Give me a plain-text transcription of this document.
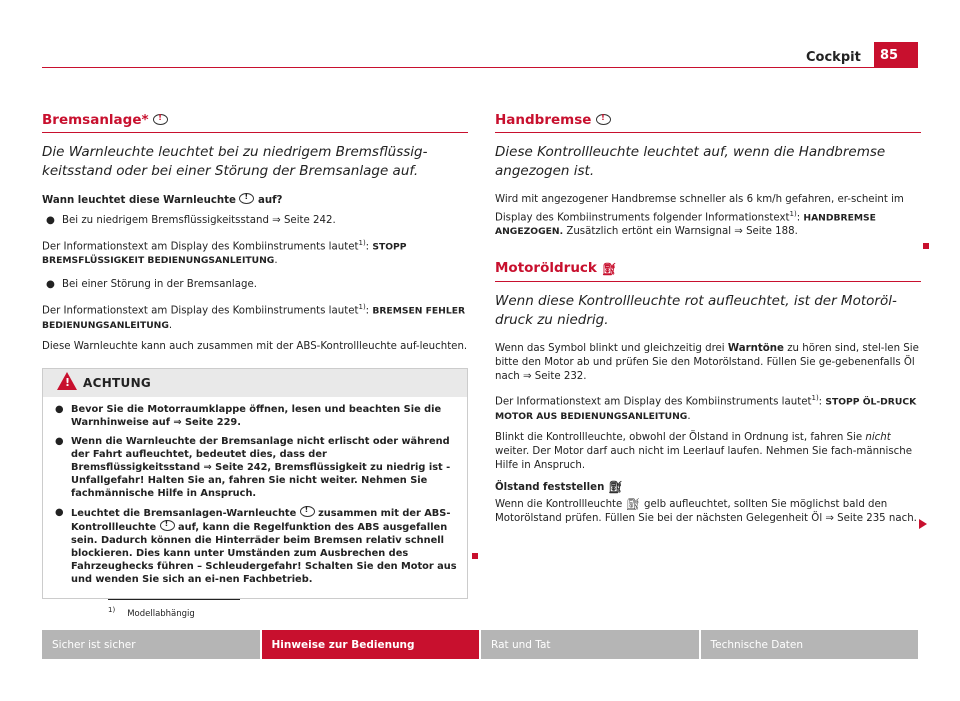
Cockpit	85
Bremsanlage* !
Die Warnleuchte leuchtet bei zu niedrigem Bremsflüssig-keitsstand oder bei einer Störung der Bremsanlage auf.

Wann leuchtet diese Warnleuchte ! auf?

● Bei zu niedrigem Bremsflüssigkeitsstand ⇒ Seite 242.

Der Informationstext am Display des Kombiinstruments lautet$^{1)}$: STOPP BREMSFLÜSSIGKEIT BEDIENUNGSANLEITUNG.

● Bei einer Störung in der Bremsanlage.

Der Informationstext am Display des Kombiinstruments lautet$^{1)}$: BREMSEN FEHLER BEDIENUNGSANLEITUNG.

Diese Warnleuchte kann auch zusammen mit der ABS-Kontrollleuchte auf-leuchten.

!
ACHTUNG
● Bevor Sie die Motorraumklappe öffnen, lesen und beachten Sie die Warnhinweise auf ⇒ Seite 229.
● Wenn die Warnleuchte der Bremsanlage nicht erlischt oder während der Fahrt aufleuchtet, bedeutet dies, dass der Bremsflüssigkeitsstand ⇒ Seite 242, Bremsflüssigkeit zu niedrig ist - Unfallgefahr! Halten Sie an, fahren Sie nicht weiter. Nehmen Sie fachmännische Hilfe in Anspruch.
● Leuchtet die Bremsanlagen-Warnleuchte ! zusammen mit der ABS-Kontrollleuchte ! auf, kann die Regelfunktion des ABS ausgefallen sein. Dadurch können die Hinterräder beim Bremsen relativ schnell blockieren. Dies kann unter Umständen zum Ausbrechen des Fahrzeughecks führen – Schleudergefahr! Schalten Sie den Motor aus und wenden Sie sich an ei-nen Fachbetrieb.
Handbremse !
Diese Kontrollleuchte leuchtet auf, wenn die Handbremse angezogen ist.

Wird mit angezogener Handbremse schneller als 6 km/h gefahren, er-scheint im Display des Kombiinstruments folgender Informationstext$^{1)}$: HANDBREMSE ANGEZOGEN. Zusätzlich ertönt ein Warnsignal ⇒ Seite 188.

Motoröldruck ⛽︎
Wenn diese Kontrollleuchte rot aufleuchtet, ist der Motoröl-druck zu niedrig.

Wenn das Symbol blinkt und gleichzeitig drei Warntöne zu hören sind, stel-len Sie bitte den Motor ab und prüfen Sie den Motorölstand. Füllen Sie ge-gebenenfalls Öl nach ⇒ Seite 232.

Der Informationstext am Display des Kombiinstruments lautet$^{1)}$: STOPP ÖL-DRUCK MOTOR AUS BEDIENUNGSANLEITUNG.

Blinkt die Kontrollleuchte, obwohl der Ölstand in Ordnung ist, fahren Sie nicht weiter. Der Motor darf auch nicht im Leerlauf laufen. Nehmen Sie fach-männische Hilfe in Anspruch.

Ölstand feststellen ⛽︎

Wenn die Kontrollleuchte ⛽︎ gelb aufleuchtet, sollten Sie möglichst bald den Motorölstand prüfen. Füllen Sie bei der nächsten Gelegenheit Öl ⇒ Seite 235 nach.

$^{1)}$ Modellabhängig
Sicher ist sicher	Hinweise zur Bedienung	Rat und Tat	Technische Daten
